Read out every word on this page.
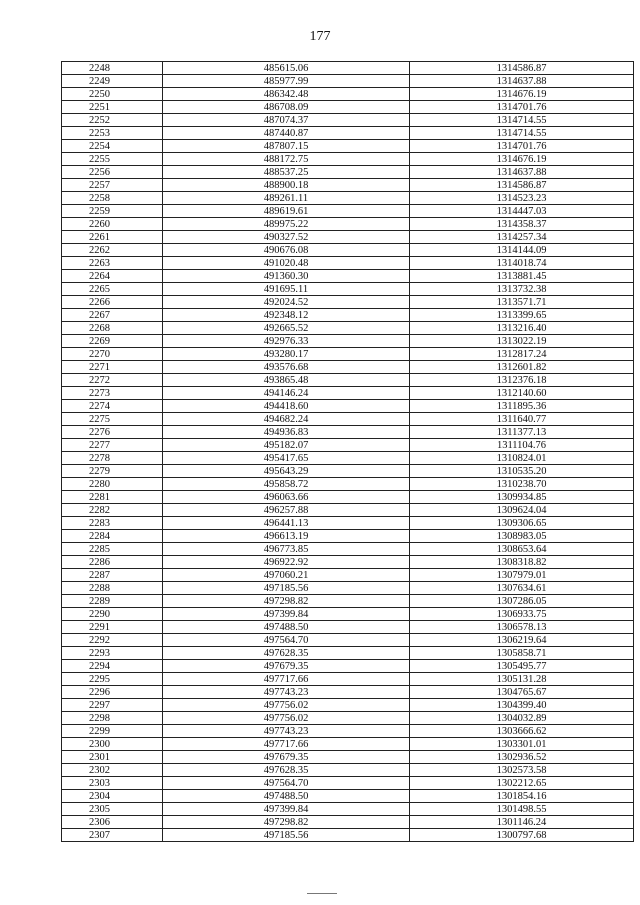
177
2248	485615.06	1314586.87
2249	485977.99	1314637.88
2250	486342.48	1314676.19
2251	486708.09	1314701.76
2252	487074.37	1314714.55
2253	487440.87	1314714.55
2254	487807.15	1314701.76
2255	488172.75	1314676.19
2256	488537.25	1314637.88
2257	488900.18	1314586.87
2258	489261.11	1314523.23
2259	489619.61	1314447.03
2260	489975.22	1314358.37
2261	490327.52	1314257.34
2262	490676.08	1314144.09
2263	491020.48	1314018.74
2264	491360.30	1313881.45
2265	491695.11	1313732.38
2266	492024.52	1313571.71
2267	492348.12	1313399.65
2268	492665.52	1313216.40
2269	492976.33	1313022.19
2270	493280.17	1312817.24
2271	493576.68	1312601.82
2272	493865.48	1312376.18
2273	494146.24	1312140.60
2274	494418.60	1311895.36
2275	494682.24	1311640.77
2276	494936.83	1311377.13
2277	495182.07	1311104.76
2278	495417.65	1310824.01
2279	495643.29	1310535.20
2280	495858.72	1310238.70
2281	496063.66	1309934.85
2282	496257.88	1309624.04
2283	496441.13	1309306.65
2284	496613.19	1308983.05
2285	496773.85	1308653.64
2286	496922.92	1308318.82
2287	497060.21	1307979.01
2288	497185.56	1307634.61
2289	497298.82	1307286.05
2290	497399.84	1306933.75
2291	497488.50	1306578.13
2292	497564.70	1306219.64
2293	497628.35	1305858.71
2294	497679.35	1305495.77
2295	497717.66	1305131.28
2296	497743.23	1304765.67
2297	497756.02	1304399.40
2298	497756.02	1304032.89
2299	497743.23	1303666.62
2300	497717.66	1303301.01
2301	497679.35	1302936.52
2302	497628.35	1302573.58
2303	497564.70	1302212.65
2304	497488.50	1301854.16
2305	497399.84	1301498.55
2306	497298.82	1301146.24
2307	497185.56	1300797.68
